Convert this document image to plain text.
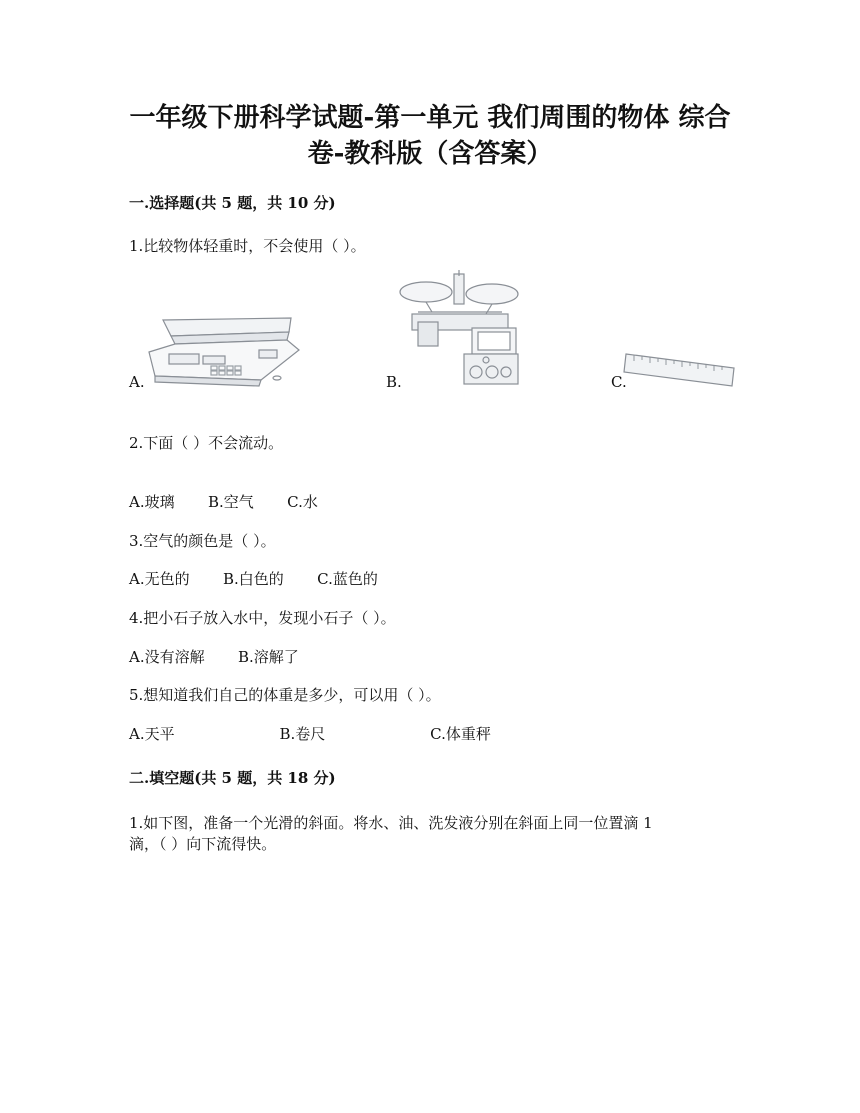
一年级下册科学试题-第一单元 我们周围的物体 综合
卷-教科版（含答案）
一.选择题(共 5 题，共 10 分)
1.比较物体轻重时，不会使用（ ）。
A.	B.	C.
2.下面（ ）不会流动。
A.玻璃       B.空气       C.水
3.空气的颜色是（ ）。
A.无色的       B.白色的       C.蓝色的
4.把小石子放入水中，发现小石子（ ）。
A.没有溶解       B.溶解了
5.想知道我们自己的体重是多少，可以用（ ）。
A.天平                      B.卷尺                      C.体重秤
二.填空题(共 5 题，共 18 分)
1.如下图，准备一个光滑的斜面。将水、油、洗发液分别在斜面上同一位置滴 1
滴，（ ）向下流得快。
